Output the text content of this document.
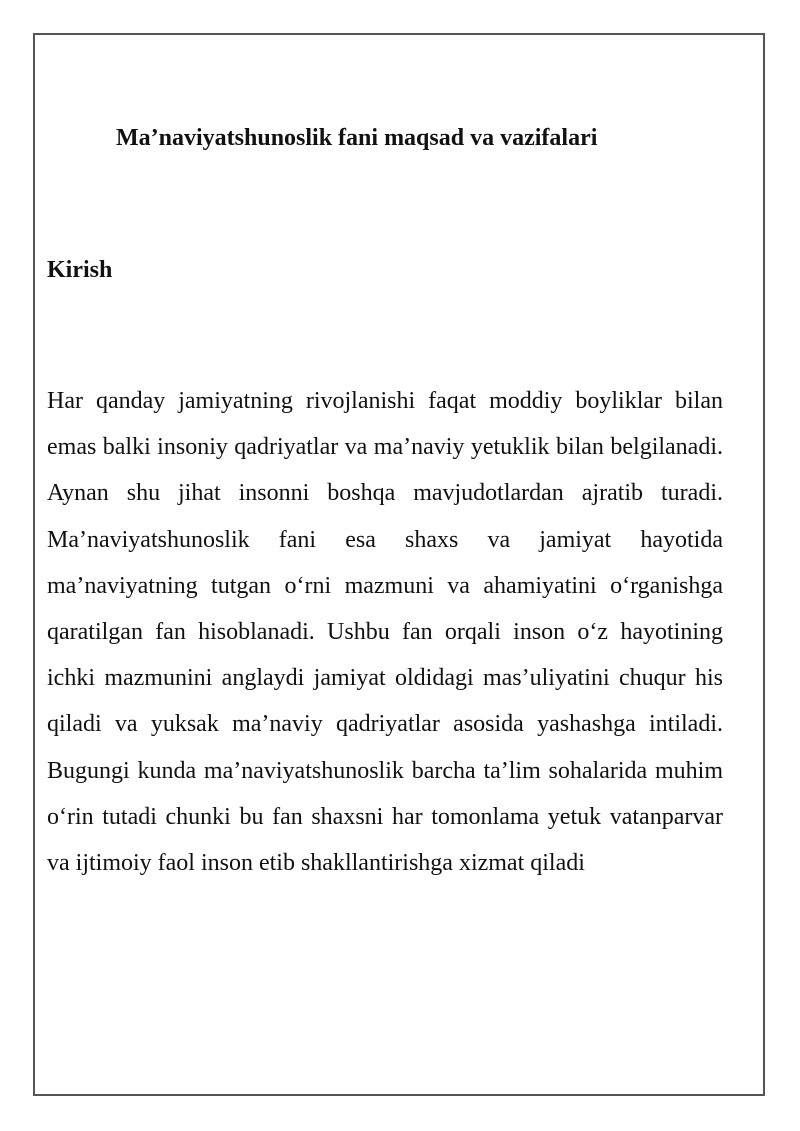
Ma’naviyatshunoslik fani maqsad va vazifalari
Kirish

Har qanday jamiyatning rivojlanishi faqat moddiy boyliklar bilan emas balki insoniy qadriyatlar va ma’naviy yetuklik bilan belgilanadi. Aynan shu jihat insonni boshqa mavjudotlardan ajratib turadi. Ma’naviyatshunoslik fani esa shaxs va jamiyat hayotida ma’naviyatning tutgan o‘rni mazmuni va ahamiyatini o‘rganishga qaratilgan fan hisoblanadi. Ushbu fan orqali inson o‘z hayotining ichki mazmunini anglaydi jamiyat oldidagi mas’uliyatini chuqur his qiladi va yuksak ma’naviy qadriyatlar asosida yashashga intiladi. Bugungi kunda ma’naviyatshunoslik barcha ta’lim sohalarida muhim o‘rin tutadi chunki bu fan shaxsni har tomonlama yetuk vatanparvar va ijtimoiy faol inson etib shakllantirishga xizmat qiladi
